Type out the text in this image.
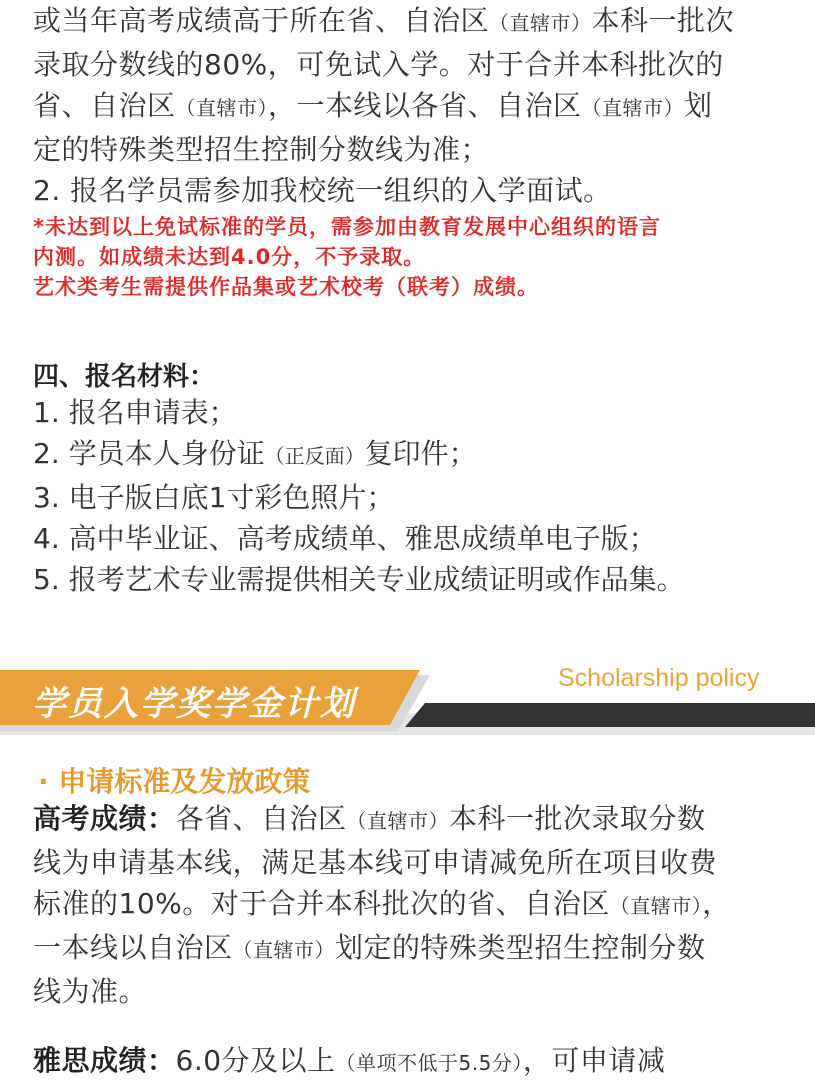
或当年高考成绩高于所在省、自治区（直辖市）本科一批次
录取分数线的80%，可免试入学。对于合并本科批次的
省、自治区（直辖市），一本线以各省、自治区（直辖市）划
定的特殊类型招生控制分数线为准；
2. 报名学员需参加我校统一组织的入学面试。
*未达到以上免试标准的学员，需参加由教育发展中心组织的语言
内测。如成绩未达到4.0分，不予录取。
艺术类考生需提供作品集或艺术校考（联考）成绩。
四、报名材料：
1. 报名申请表；
2. 学员本人身份证（正反面）复印件；
3. 电子版白底1寸彩色照片；
4. 高中毕业证、高考成绩单、雅思成绩单电子版；
5. 报考艺术专业需提供相关专业成绩证明或作品集。
学员入学奖学金计划
Scholarship policy
· 申请标准及发放政策
高考成绩：各省、自治区（直辖市）本科一批次录取分数
线为申请基本线，满足基本线可申请减免所在项目收费
标准的10%。对于合并本科批次的省、自治区（直辖市），
一本线以自治区（直辖市）划定的特殊类型招生控制分数
线为准。
雅思成绩：6.0分及以上（单项不低于5.5分），可申请减
